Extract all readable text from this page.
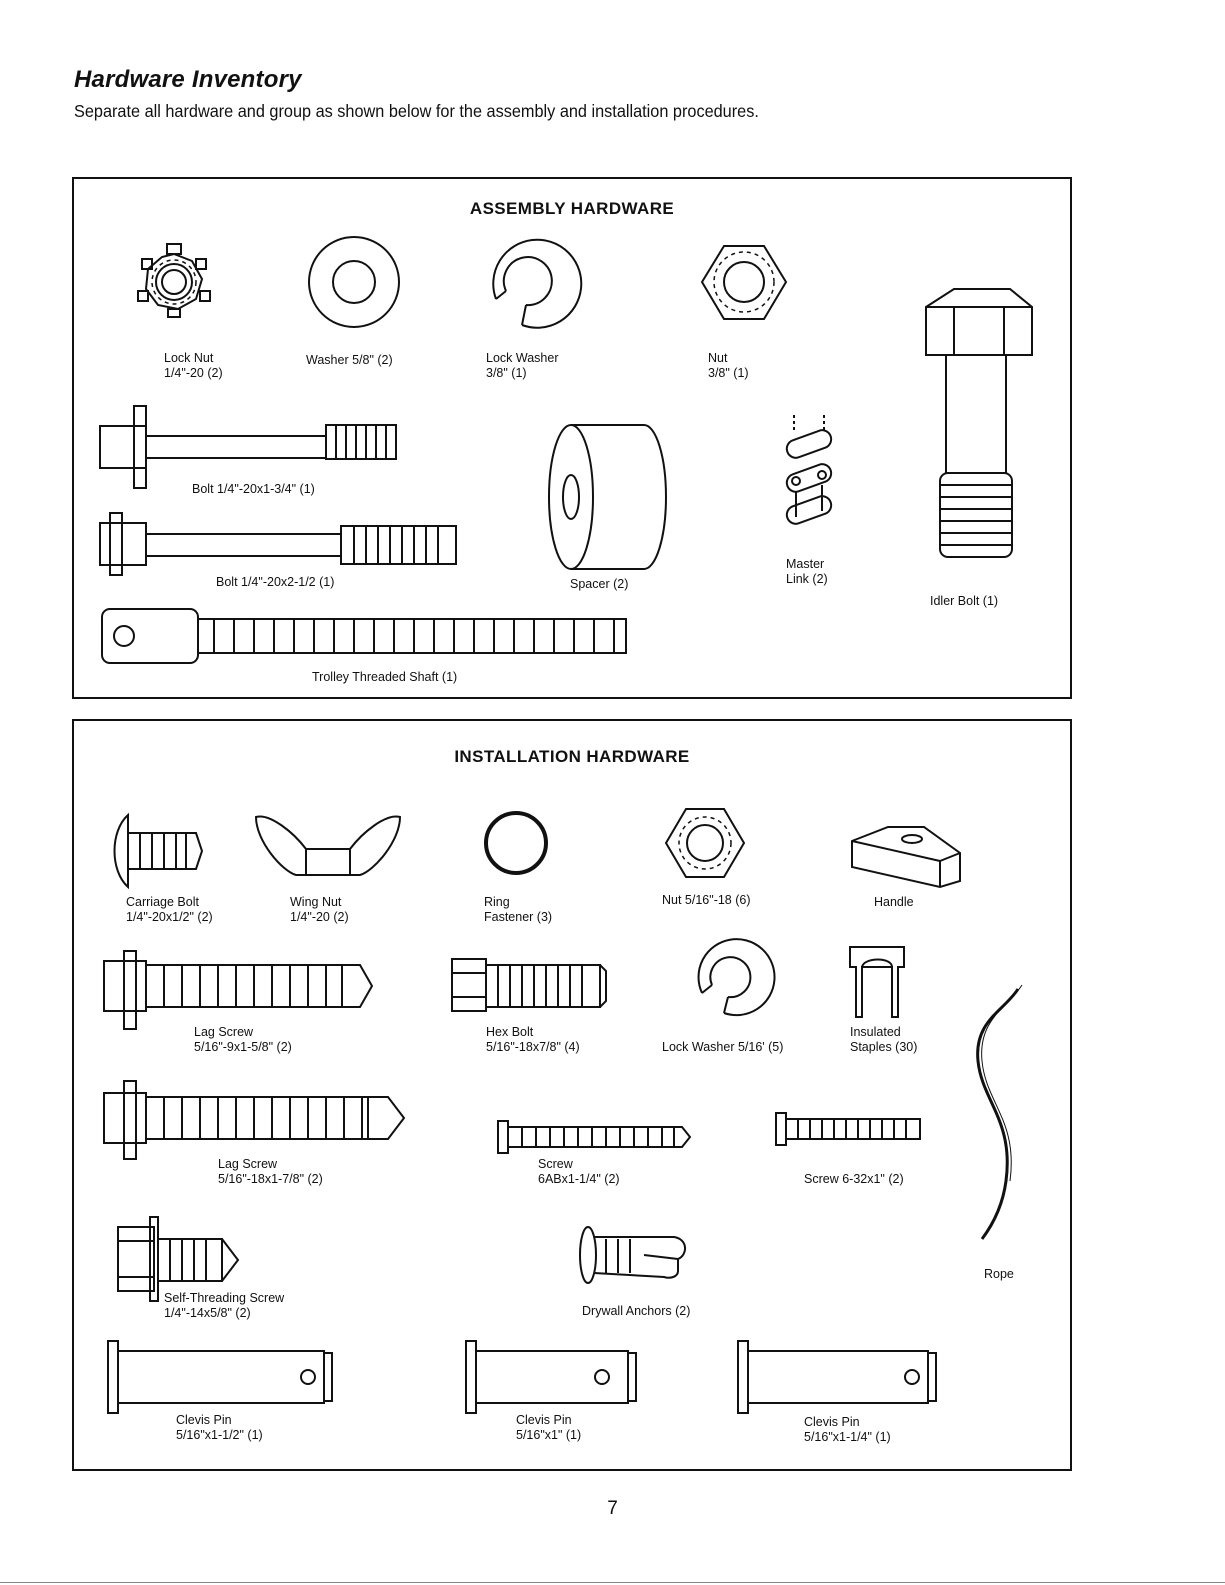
Hardware Inventory

Separate all hardware and group as shown below for the assembly and installation procedures.

ASSEMBLY HARDWARE
Lock Nut
1/4"-20 (2)
Washer 5/8" (2)	Lock Washer
3/8" (1)
Nut
3/8" (1)
Bolt 1/4"-20x1-3/4" (1)
Bolt 1/4"-20x2-1/2 (1)	Spacer (2)
Master
Link (2)
Idler Bolt (1)
Trolley Threaded Shaft (1)
INSTALLATION HARDWARE
Carriage Bolt
1/4"-20x1/2" (2)
Wing Nut
1/4"-20 (2)
Ring
Fastener (3)
Nut 5/16"-18 (6)	Handle
Lag Screw
5/16"-9x1-5/8" (2)
Hex Bolt
5/16"-18x7/8" (4)	Lock Washer 5/16' (5)
Insulated
Staples (30)
Lag Screw
5/16"-18x1-7/8" (2)
Screw
6ABx1-1/4" (2)	Screw 6-32x1" (2)
Rope
Self-Threading Screw
1/4"-14x5/8" (2)	Drywall Anchors (2)
Clevis Pin
5/16"x1-1/2" (1)
Clevis Pin
5/16"x1" (1)
Clevis Pin
5/16"x1-1/4" (1)
7
